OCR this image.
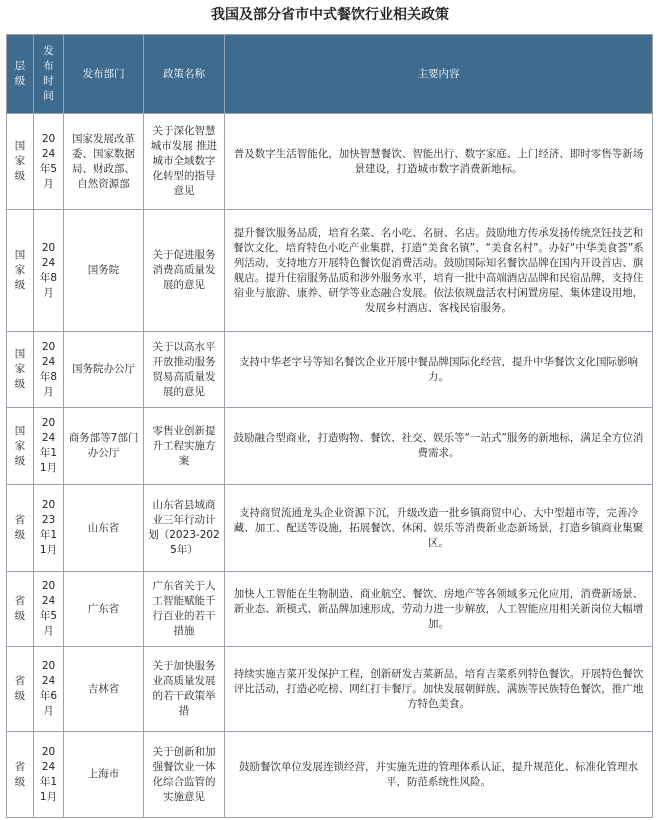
我国及部分省市中式餐饮行业相关政策
层级	发布时间	发布部门	政策名称	主要内容

国家级	2024年5月	国家发展改革委、国家数据局、财政部、自然资源部	关于深化智慧城市发展 推进城市全域数字化转型的指导意见	普及数字生活智能化，加快智慧餐饮、智能出行、数字家庭、上门经济、即时零售等新场景建设，打造城市数字消费新地标。

国家级	2024年8月	国务院	关于促进服务消费高质量发展的意见	提升餐饮服务品质，培育名菜、名小吃、名厨、名店。鼓励地方传承发扬传统烹饪技艺和餐饮文化，培育特色小吃产业集群，打造“美食名镇”、“美食名村”。办好“中华美食荟”系列活动，支持地方开展特色餐饮促消费活动。鼓励国际知名餐饮品牌在国内开设首店、旗舰店。提升住宿服务品质和涉外服务水平，培育一批中高端酒店品牌和民宿品牌，支持住宿业与旅游、康养、研学等业态融合发展。依法依规盘活农村闲置房屋、集体建设用地，发展乡村酒店、客栈民宿服务。

国家级	2024年8月	国务院办公厅	关于以高水平开放推动服务贸易高质量发展的意见	支持中华老字号等知名餐饮企业开展中餐品牌国际化经营，提升中华餐饮文化国际影响力。

国家级	2024年11月	商务部等7部门办公厅	零售业创新提升工程实施方案	鼓励融合型商业，打造购物、餐饮、社交、娱乐等“一站式”服务的新地标，满足全方位消费需求。

省级	2023年11月	山东省	山东省县域商业三年行动计划（2023-2025年）	支持商贸流通龙头企业资源下沉，升级改造一批乡镇商贸中心、大中型超市等，完善冷藏、加工、配送等设施，拓展餐饮、休闲、娱乐等消费新业态新场景，打造乡镇商业集聚区。

省级	2024年5月	广东省	广东省关于人工智能赋能千行百业的若干措施	加快人工智能在生物制造、商业航空、餐饮、房地产等各领域多元化应用，消费新场景、新业态、新模式、新品牌加速形成，劳动力进一步解放，人工智能应用相关新岗位大幅增加。

省级	2024年6月	吉林省	关于加快服务业高质量发展的若干政策举措	持续实施吉菜开发保护工程，创新研发吉菜新品，培育吉菜系列特色餐饮。开展特色餐饮评比活动，打造必吃榜、网红打卡餐厅。加快发展朝鲜族、满族等民族特色餐饮，推广地方特色美食。

省级	2024年11月	上海市	关于创新和加强餐饮业一体化综合监管的实施意见	鼓励餐饮单位发展连锁经营，并实施先进的管理体系认证，提升规范化、标准化管理水平，防范系统性风险。
